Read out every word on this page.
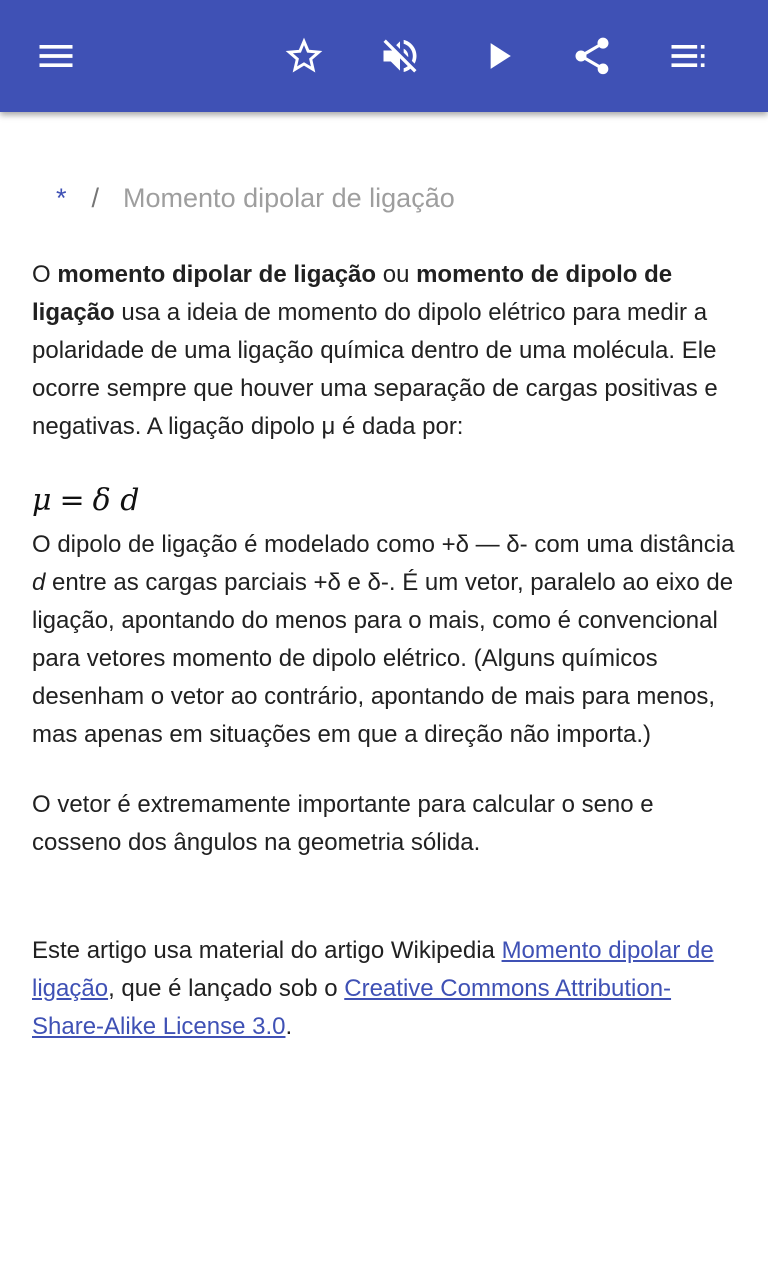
* / Momento dipolar de ligação

O momento dipolar de ligação ou momento de dipolo de ligação usa a ideia de momento do dipolo elétrico para medir a polaridade de uma ligação química dentro de uma molécula. Ele ocorre sempre que houver uma separação de cargas positivas e negativas. A ligação dipolo μ é dada por:

μ = δ d

O dipolo de ligação é modelado como +δ — δ- com uma distância d entre as cargas parciais +δ e δ-. É um vetor, paralelo ao eixo de ligação, apontando do menos para o mais, como é convencional para vetores momento de dipolo elétrico. (Alguns químicos desenham o vetor ao contrário, apontando de mais para menos, mas apenas em situações em que a direção não importa.)

O vetor é extremamente importante para calcular o seno e cosseno dos ângulos na geometria sólida.

Este artigo usa material do artigo Wikipedia Momento dipolar de ligação, que é lançado sob o Creative Commons Attribution-Share-Alike License 3.0.
